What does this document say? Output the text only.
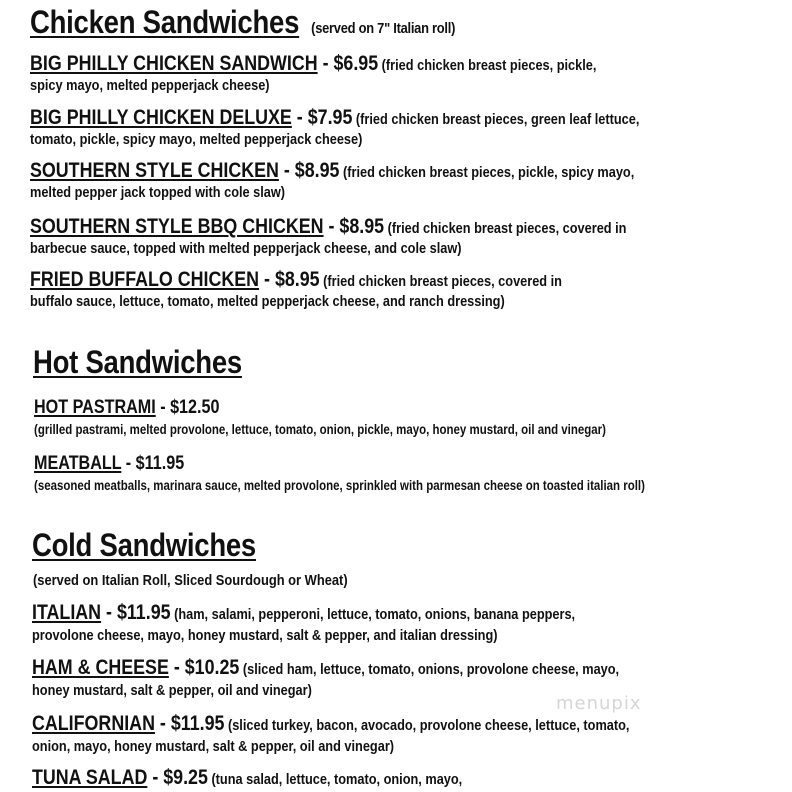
Chicken Sandwiches (served on 7" Italian roll)
BIG PHILLY CHICKEN SANDWICH - $6.95 (fried chicken breast pieces, pickle,
spicy mayo, melted pepperjack cheese)
BIG PHILLY CHICKEN DELUXE - $7.95 (fried chicken breast pieces, green leaf lettuce,
tomato, pickle, spicy mayo, melted pepperjack cheese)
SOUTHERN STYLE CHICKEN - $8.95 (fried chicken breast pieces, pickle, spicy mayo,
melted pepper jack topped with cole slaw)
SOUTHERN STYLE BBQ CHICKEN - $8.95 (fried chicken breast pieces, covered in
barbecue sauce, topped with melted pepperjack cheese, and cole slaw)
FRIED BUFFALO CHICKEN - $8.95 (fried chicken breast pieces, covered in
buffalo sauce, lettuce, tomato, melted pepperjack cheese, and ranch dressing)
Hot Sandwiches
HOT PASTRAMI - $12.50
(grilled pastrami, melted provolone, lettuce, tomato, onion, pickle, mayo, honey mustard, oil and vinegar)
MEATBALL - $11.95
(seasoned meatballs, marinara sauce, melted provolone, sprinkled with parmesan cheese on toasted italian roll)
Cold Sandwiches
(served on Italian Roll, Sliced Sourdough or Wheat)
ITALIAN - $11.95 (ham, salami, pepperoni, lettuce, tomato, onions, banana peppers,
provolone cheese, mayo, honey mustard, salt & pepper, and italian dressing)
HAM & CHEESE - $10.25 (sliced ham, lettuce, tomato, onions, provolone cheese, mayo,
honey mustard, salt & pepper, oil and vinegar)
CALIFORNIAN - $11.95 (sliced turkey, bacon, avocado, provolone cheese, lettuce, tomato,
onion, mayo, honey mustard, salt & pepper, oil and vinegar)
TUNA SALAD - $9.25 (tuna salad, lettuce, tomato, onion, mayo,
menupix
